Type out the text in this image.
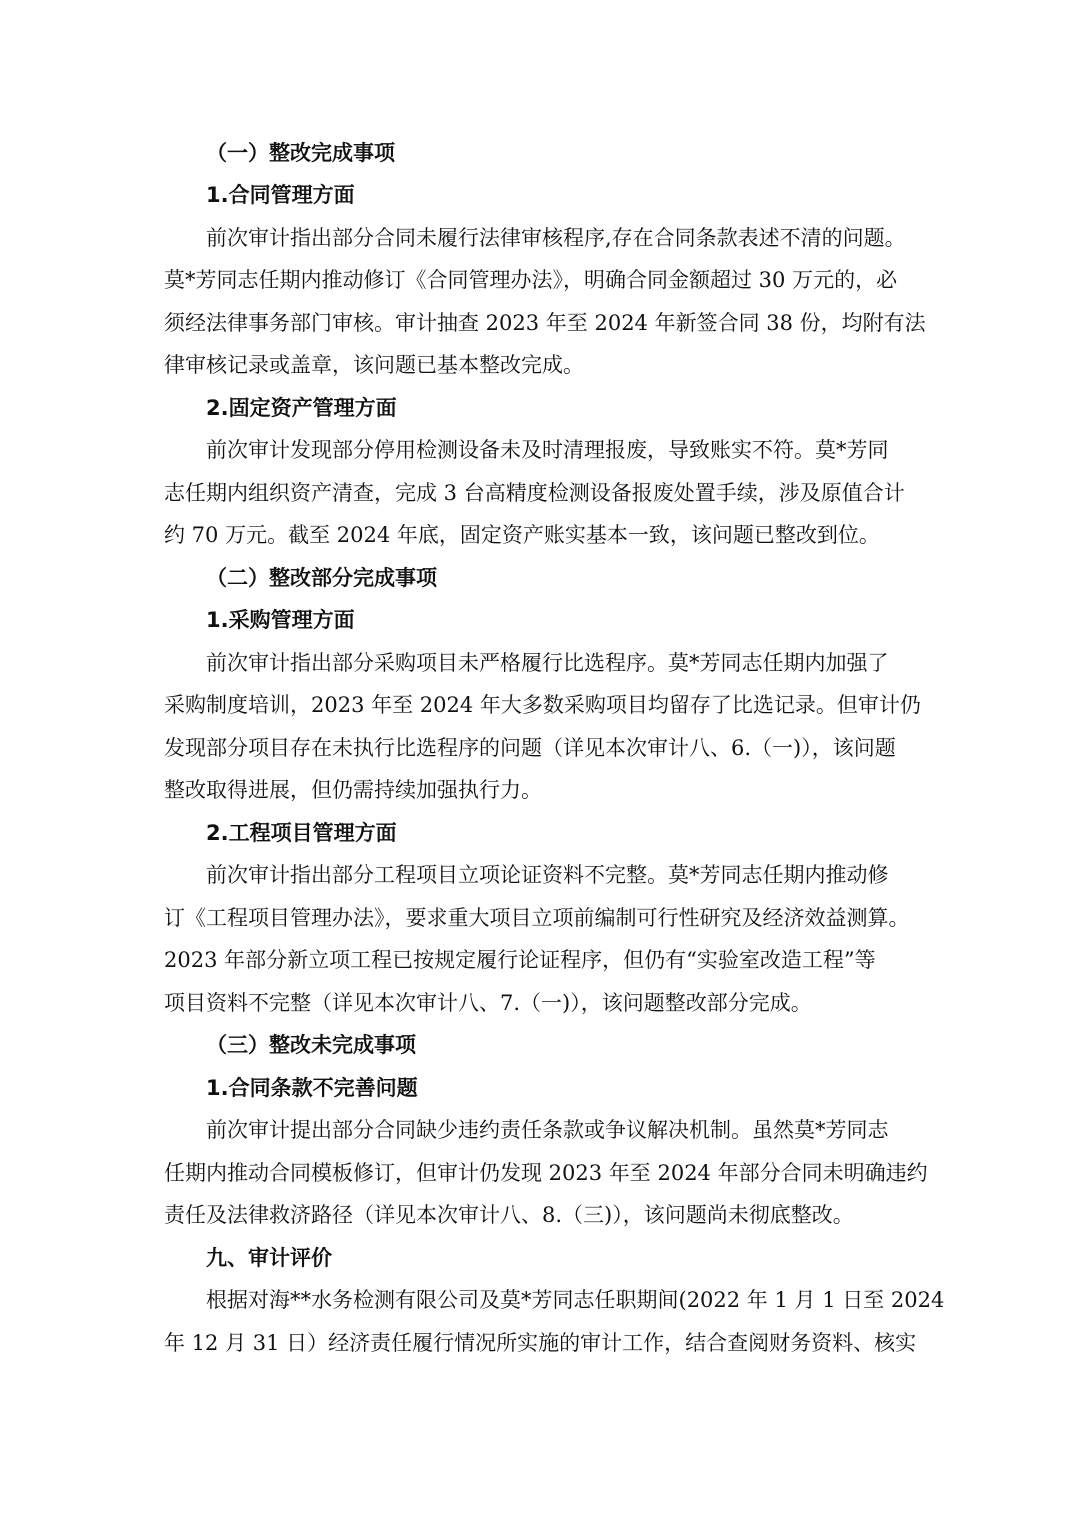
（一）整改完成事项
1.合同管理方面
前次审计指出部分合同未履行法律审核程序,存在合同条款表述不清的问题。
莫*芳同志任期内推动修订《合同管理办法》，明确合同金额超过 30 万元的，必
须经法律事务部门审核。审计抽查 2023 年至 2024 年新签合同 38 份，均附有法
律审核记录或盖章，该问题已基本整改完成。
2.固定资产管理方面
前次审计发现部分停用检测设备未及时清理报废，导致账实不符。莫*芳同
志任期内组织资产清查，完成 3 台高精度检测设备报废处置手续，涉及原值合计
约 70 万元。截至 2024 年底，固定资产账实基本一致，该问题已整改到位。
（二）整改部分完成事项
1.采购管理方面
前次审计指出部分采购项目未严格履行比选程序。莫*芳同志任期内加强了
采购制度培训，2023 年至 2024 年大多数采购项目均留存了比选记录。但审计仍
发现部分项目存在未执行比选程序的问题（详见本次审计八、6.（一)），该问题
整改取得进展，但仍需持续加强执行力。
2.工程项目管理方面
前次审计指出部分工程项目立项论证资料不完整。莫*芳同志任期内推动修
订《工程项目管理办法》，要求重大项目立项前编制可行性研究及经济效益测算。
2023 年部分新立项工程已按规定履行论证程序，但仍有“实验室改造工程”等
项目资料不完整（详见本次审计八、7.（一)），该问题整改部分完成。
（三）整改未完成事项
1.合同条款不完善问题
前次审计提出部分合同缺少违约责任条款或争议解决机制。虽然莫*芳同志
任期内推动合同模板修订，但审计仍发现 2023 年至 2024 年部分合同未明确违约
责任及法律救济路径（详见本次审计八、8.（三)），该问题尚未彻底整改。
九、审计评价
根据对海**水务检测有限公司及莫*芳同志任职期间(2022 年 1 月 1 日至 2024
年 12 月 31 日）经济责任履行情况所实施的审计工作，结合查阅财务资料、核实
